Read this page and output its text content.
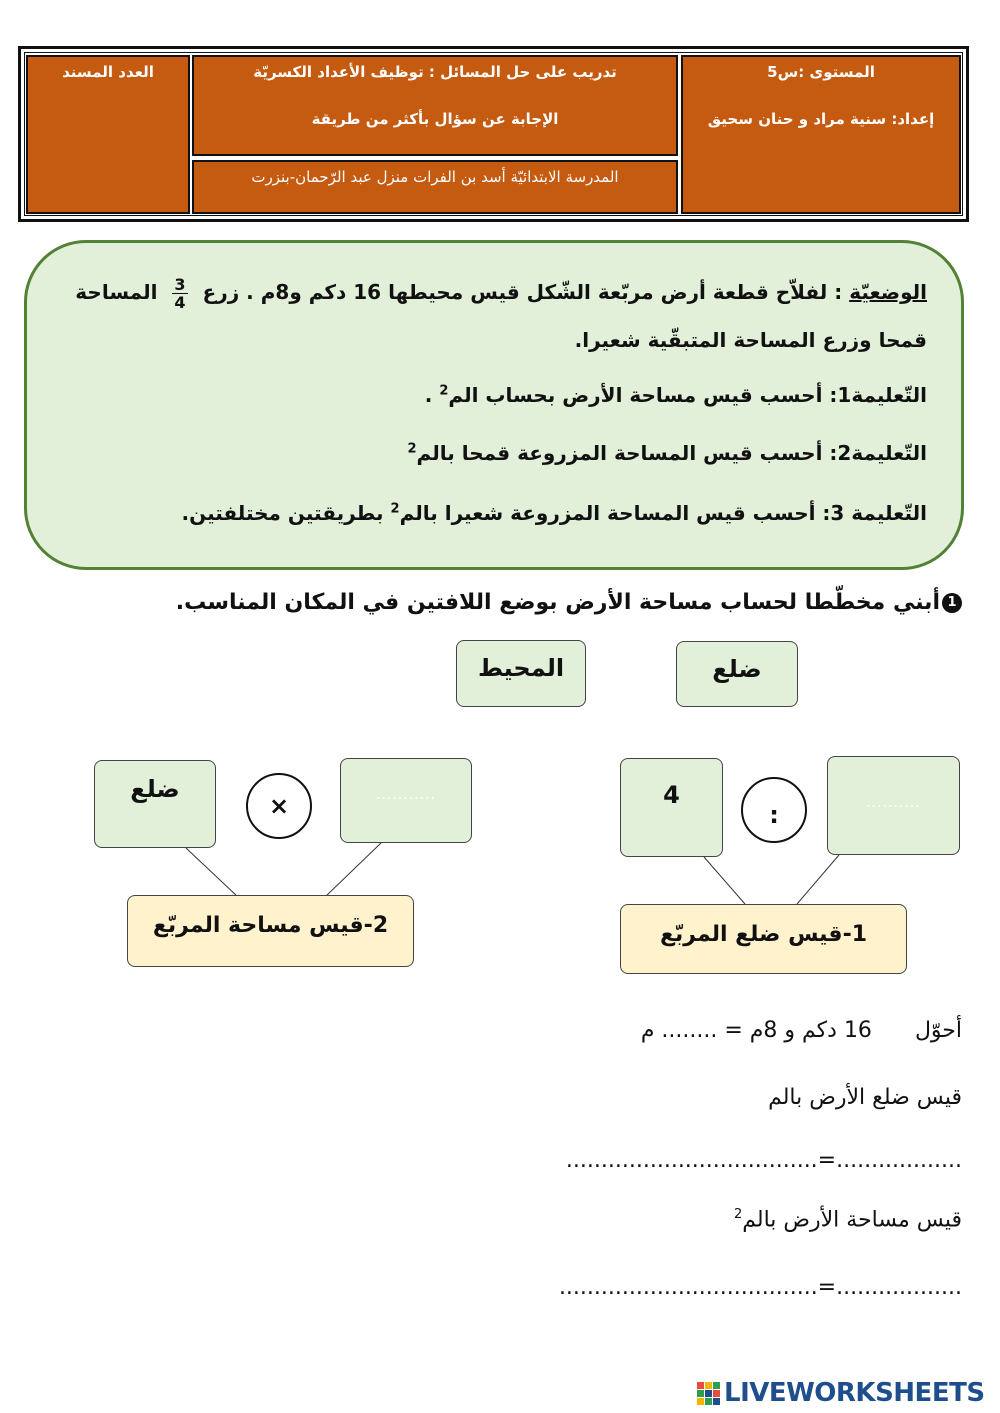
العدد المسند	تدريب على حل المسائل : توظيف الأعداد الكسريّة
الإجابة عن سؤال بأكثر من طريقة
المدرسة الابتدائيّة أسد بن الفرات منزل عبد الرّحمان-بنزرت
المستوى :س5
إعداد: سنية مراد و حنان سحيق
الوضعيّة : لفلاّح قطعة أرض مربّعة الشّكل قيس محيطها 16 دكم و8م . زرع
$\frac{3}{4}$
المساحة
قمحا وزرع المساحة المتبقّية شعيرا.
التّعليمة1: أحسب قيس مساحة الأرض بحساب الم$^2$ .
التّعليمة2: أحسب قيس المساحة المزروعة قمحا بالم$^2$
التّعليمة 3: أحسب قيس المساحة المزروعة شعيرا بالم$^2$ بطريقتين مختلفتين.
1أبني مخطّطا لحساب مساحة الأرض بوضع اللافتين في المكان المناسب.
ضلع
المحيط
ضلع
×	...........
2-قيس مساحة المربّع
4
:	..........
1-قيس ضلع المربّع
أحوّل 16 دكم و 8م = ........ م
قيس ضلع الأرض بالم
..................=....................................
قيس مساحة الأرض بالم$^2$
..................=.....................................
LIVEWORKSHEETS
